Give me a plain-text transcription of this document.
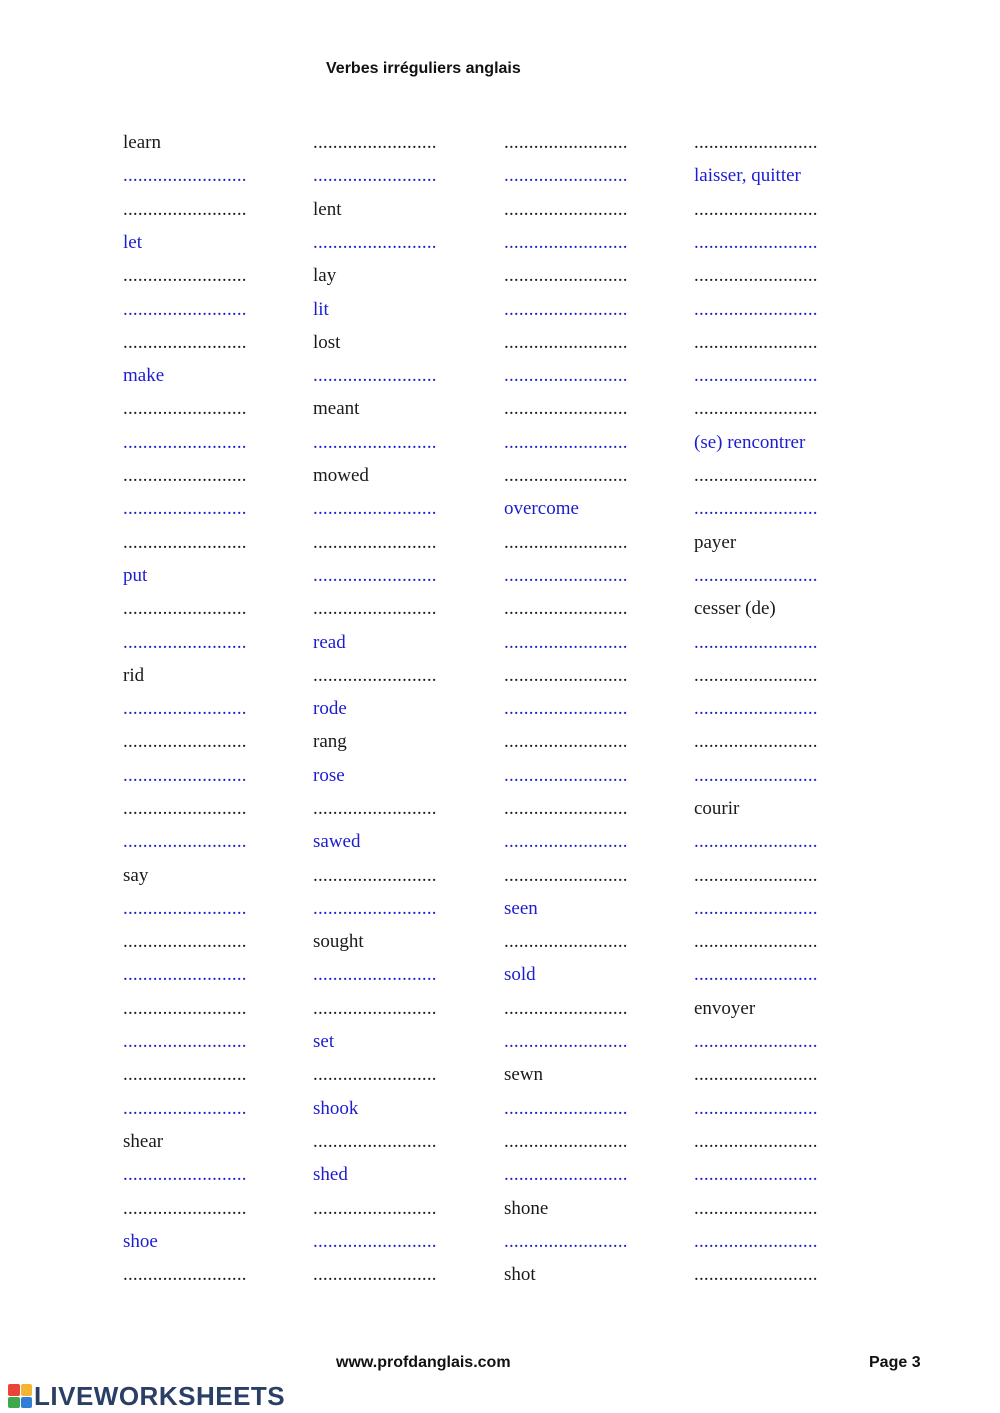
Verbes irréguliers anglais
learn	.........................	.........................	.........................
.........................	.........................	.........................	laisser, quitter
.........................	lent	.........................	.........................
let	.........................	.........................	.........................
.........................	lay	.........................	.........................
.........................	lit	.........................	.........................
.........................	lost	.........................	.........................
make	.........................	.........................	.........................
.........................	meant	.........................	.........................
.........................	.........................	.........................	(se) rencontrer
.........................	mowed	.........................	.........................
.........................	.........................	overcome	.........................
.........................	.........................	.........................	payer
put	.........................	.........................	.........................
.........................	.........................	.........................	cesser (de)
.........................	read	.........................	.........................
rid	.........................	.........................	.........................
.........................	rode	.........................	.........................
.........................	rang	.........................	.........................
.........................	rose	.........................	.........................
.........................	.........................	.........................	courir
.........................	sawed	.........................	.........................
say	.........................	.........................	.........................
.........................	.........................	seen	.........................
.........................	sought	.........................	.........................
.........................	.........................	sold	.........................
.........................	.........................	.........................	envoyer
.........................	set	.........................	.........................
.........................	.........................	sewn	.........................
.........................	shook	.........................	.........................
shear	.........................	.........................	.........................
.........................	shed	.........................	.........................
.........................	.........................	shone	.........................
shoe	.........................	.........................	.........................
.........................	.........................	shot	.........................
www.profdanglais.com	Page 3
LIVEWORKSHEETS
